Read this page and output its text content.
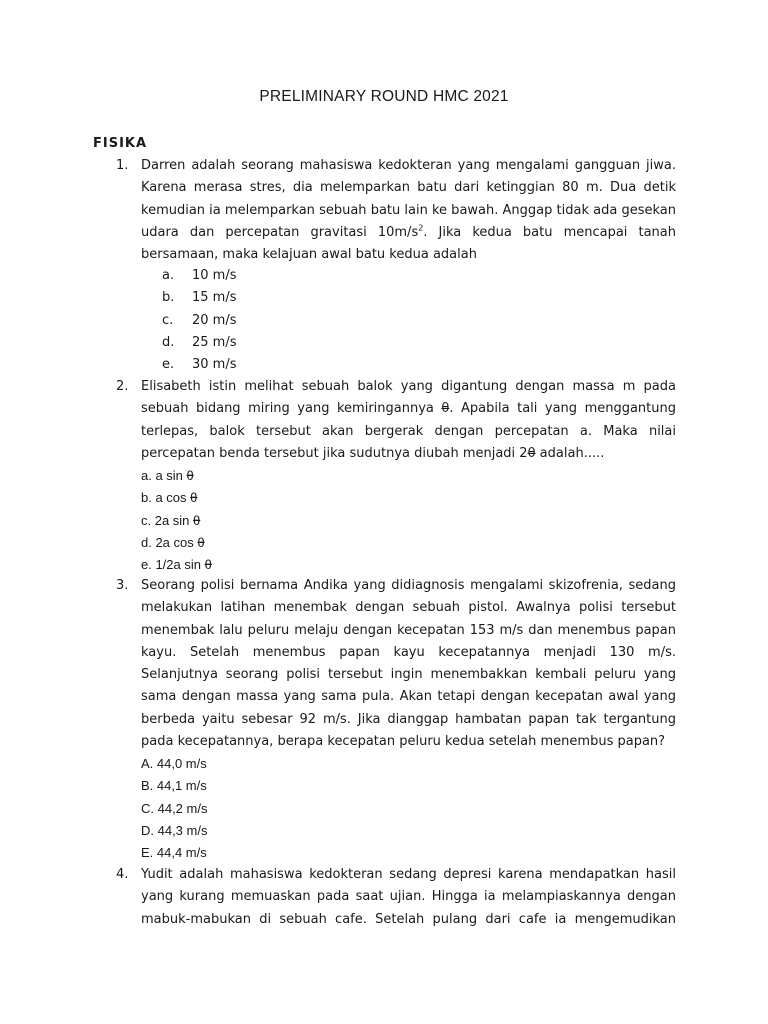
PRELIMINARY ROUND HMC 2021
FISIKA
1. Darren adalah seorang mahasiswa kedokteran yang mengalami gangguan jiwa.
Karena merasa stres, dia melemparkan batu dari ketinggian 80 m. Dua detik
kemudian ia melemparkan sebuah batu lain ke bawah. Anggap tidak ada gesekan
udara dan percepatan gravitasi $10m/s^2$. Jika kedua batu mencapai tanah
bersamaan, maka kelajuan awal batu kedua adalah
a. 10 m/s
b. 15 m/s
c. 20 m/s
d. 25 m/s
e. 30 m/s
2. Elisabeth istin melihat sebuah balok yang digantung dengan massa m pada
sebuah bidang miring yang kemiringannya θ. Apabila tali yang menggantung
terlepas, balok tersebut akan bergerak dengan percepatan a. Maka nilai
percepatan benda tersebut jika sudutnya diubah menjadi 2θ adalah.....
a. a sin θ
b. a cos θ
c. 2a sin θ
d. 2a cos θ
e. 1/2a sin θ
3. Seorang polisi bernama Andika yang didiagnosis mengalami skizofrenia, sedang
melakukan latihan menembak dengan sebuah pistol. Awalnya polisi tersebut
menembak lalu peluru melaju dengan kecepatan 153 m/s dan menembus papan
kayu. Setelah menembus papan kayu kecepatannya menjadi 130 m/s.
Selanjutnya seorang polisi tersebut ingin menembakkan kembali peluru yang
sama dengan massa yang sama pula. Akan tetapi dengan kecepatan awal yang
berbeda yaitu sebesar 92 m/s. Jika dianggap hambatan papan tak tergantung
pada kecepatannya, berapa kecepatan peluru kedua setelah menembus papan?
A. 44,0 m/s
B. 44,1 m/s
C. 44,2 m/s
D. 44,3 m/s
E. 44,4 m/s
4. Yudit adalah mahasiswa kedokteran sedang depresi karena mendapatkan hasil
yang kurang memuaskan pada saat ujian. Hingga ia melampiaskannya dengan
mabuk-mabukan di sebuah cafe. Setelah pulang dari cafe ia mengemudikan
